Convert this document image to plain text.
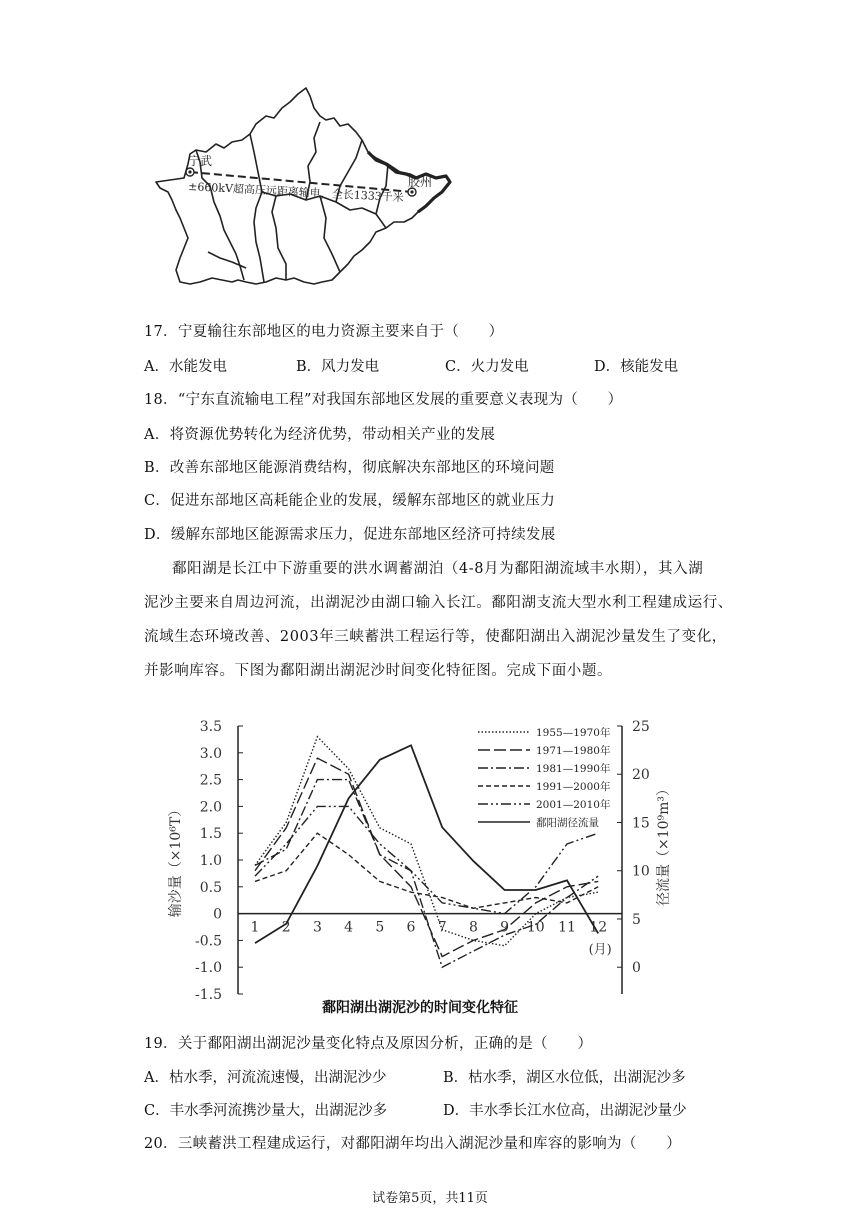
宁武
胶州
±660kV超高压远距离输电，全长1333千米
17．宁夏输往东部地区的电力资源主要来自于（　　）
A．水能发电	B．风力发电	C．火力发电	D．核能发电
18．“宁东直流输电工程”对我国东部地区发展的重要意义表现为（　　）
A．将资源优势转化为经济优势，带动相关产业的发展
B．改善东部地区能源消费结构，彻底解决东部地区的环境问题
C．促进东部地区高耗能企业的发展，缓解东部地区的就业压力
D．缓解东部地区能源需求压力，促进东部地区经济可持续发展
鄱阳湖是长江中下游重要的洪水调蓄湖泊（4-8月为鄱阳湖流域丰水期），其入湖
泥沙主要来自周边河流，出湖泥沙由湖口输入长江。鄱阳湖支流大型水利工程建成运行、
流域生态环境改善、2003年三峡蓄洪工程运行等，使鄱阳湖出入湖泥沙量发生了变化，
并影响库容。下图为鄱阳湖出湖泥沙时间变化特征图。完成下面小题。
3.5
3.0
2.5
2.0
1.5
1.0
0.5
0
-0.5
-1.0
-1.5
25
20
15
10
5
0
1 2 3 4 5 6 7 8 9 10 11 12
(月)
输沙量（×10⁶T）	径流量（×10⁹m³）
1955—1970年
1971—1980年
1981—1990年
1991—2000年
2001—2010年
鄱阳湖径流量
鄱阳湖出湖泥沙的时间变化特征
19．关于鄱阳湖出湖泥沙量变化特点及原因分析，正确的是（　　）
A．枯水季，河流流速慢，出湖泥沙少	B．枯水季，湖区水位低，出湖泥沙多
C．丰水季河流携沙量大，出湖泥沙多	D．丰水季长江水位高，出湖泥沙量少
20．三峡蓄洪工程建成运行，对鄱阳湖年均出入湖泥沙量和库容的影响为（　　）
试卷第5页，共11页
